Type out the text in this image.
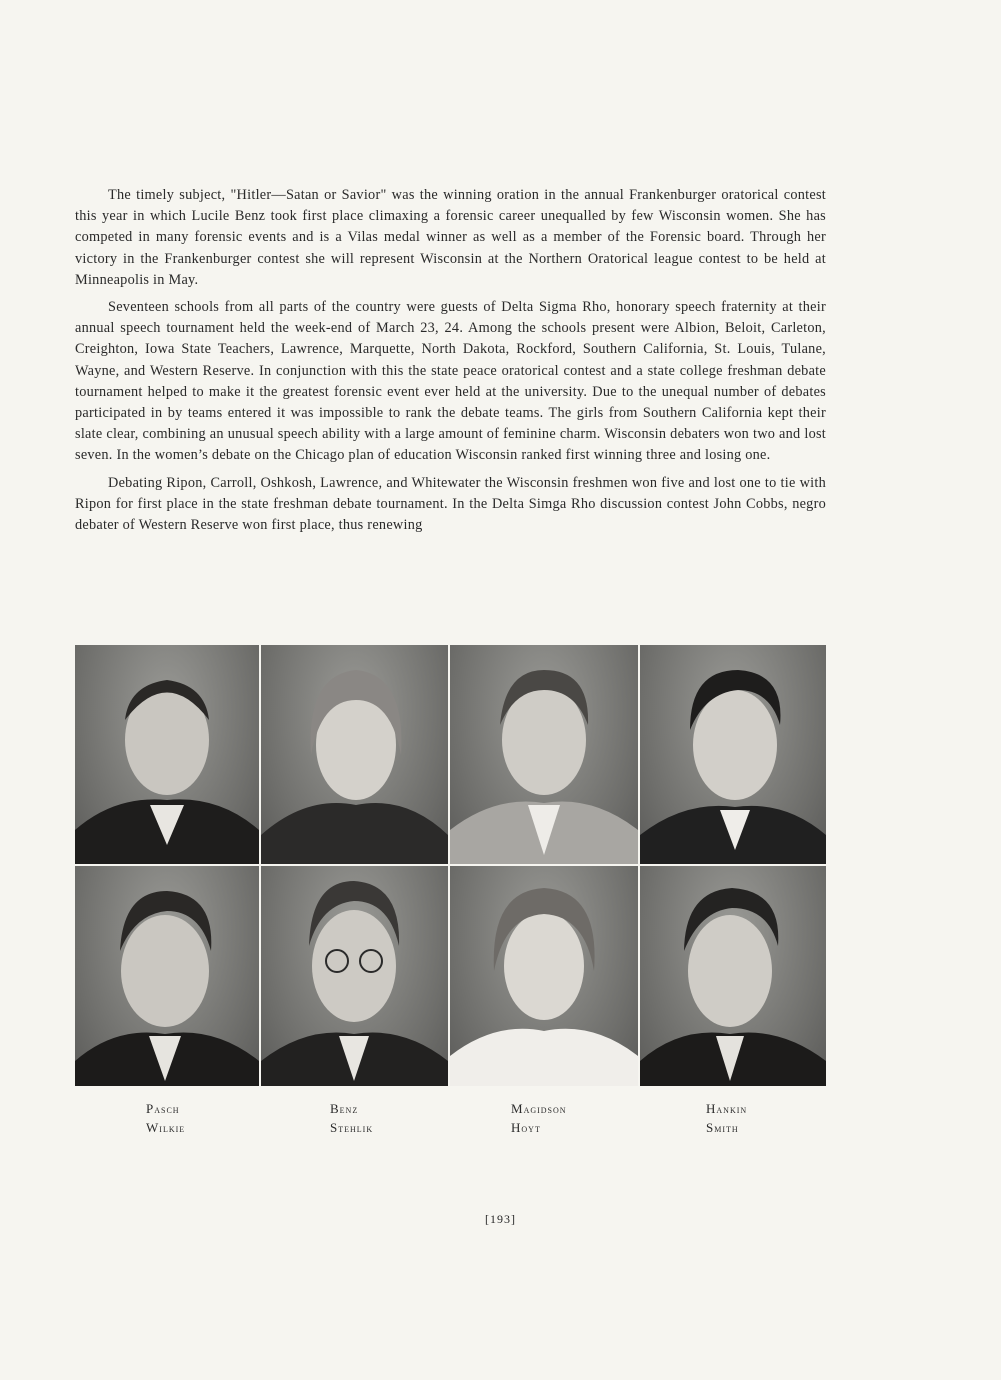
The timely subject, "Hitler—Satan or Savior" was the winning oration in the annual Frankenburger oratorical contest this year in which Lucile Benz took first place climaxing a forensic career unequalled by few Wisconsin women. She has competed in many forensic events and is a Vilas medal winner as well as a member of the Forensic board. Through her victory in the Frankenburger contest she will represent Wisconsin at the Northern Oratorical league contest to be held at Minneapolis in May.

Seventeen schools from all parts of the country were guests of Delta Sigma Rho, honorary speech fraternity at their annual speech tournament held the week-end of March 23, 24. Among the schools present were Albion, Beloit, Carleton, Creighton, Iowa State Teachers, Lawrence, Marquette, North Dakota, Rockford, Southern California, St. Louis, Tulane, Wayne, and Western Reserve. In conjunction with this the state peace oratorical contest and a state college freshman debate tournament helped to make it the greatest forensic event ever held at the university. Due to the unequal number of debates participated in by teams entered it was impossible to rank the debate teams. The girls from Southern California kept their slate clear, combining an unusual speech ability with a large amount of feminine charm. Wisconsin debaters won two and lost seven. In the women’s debate on the Chicago plan of education Wisconsin ranked first winning three and losing one.

Debating Ripon, Carroll, Oshkosh, Lawrence, and Whitewater the Wisconsin freshmen won five and lost one to tie with Ripon for first place in the state freshman debate tournament. In the Delta Simga Rho discussion contest John Cobbs, negro debater of Western Reserve won first place, thus renewing

Pasch
Wilkie
Benz
Stehlik
Magidson
Hoyt
Hankin
Smith
[193]
